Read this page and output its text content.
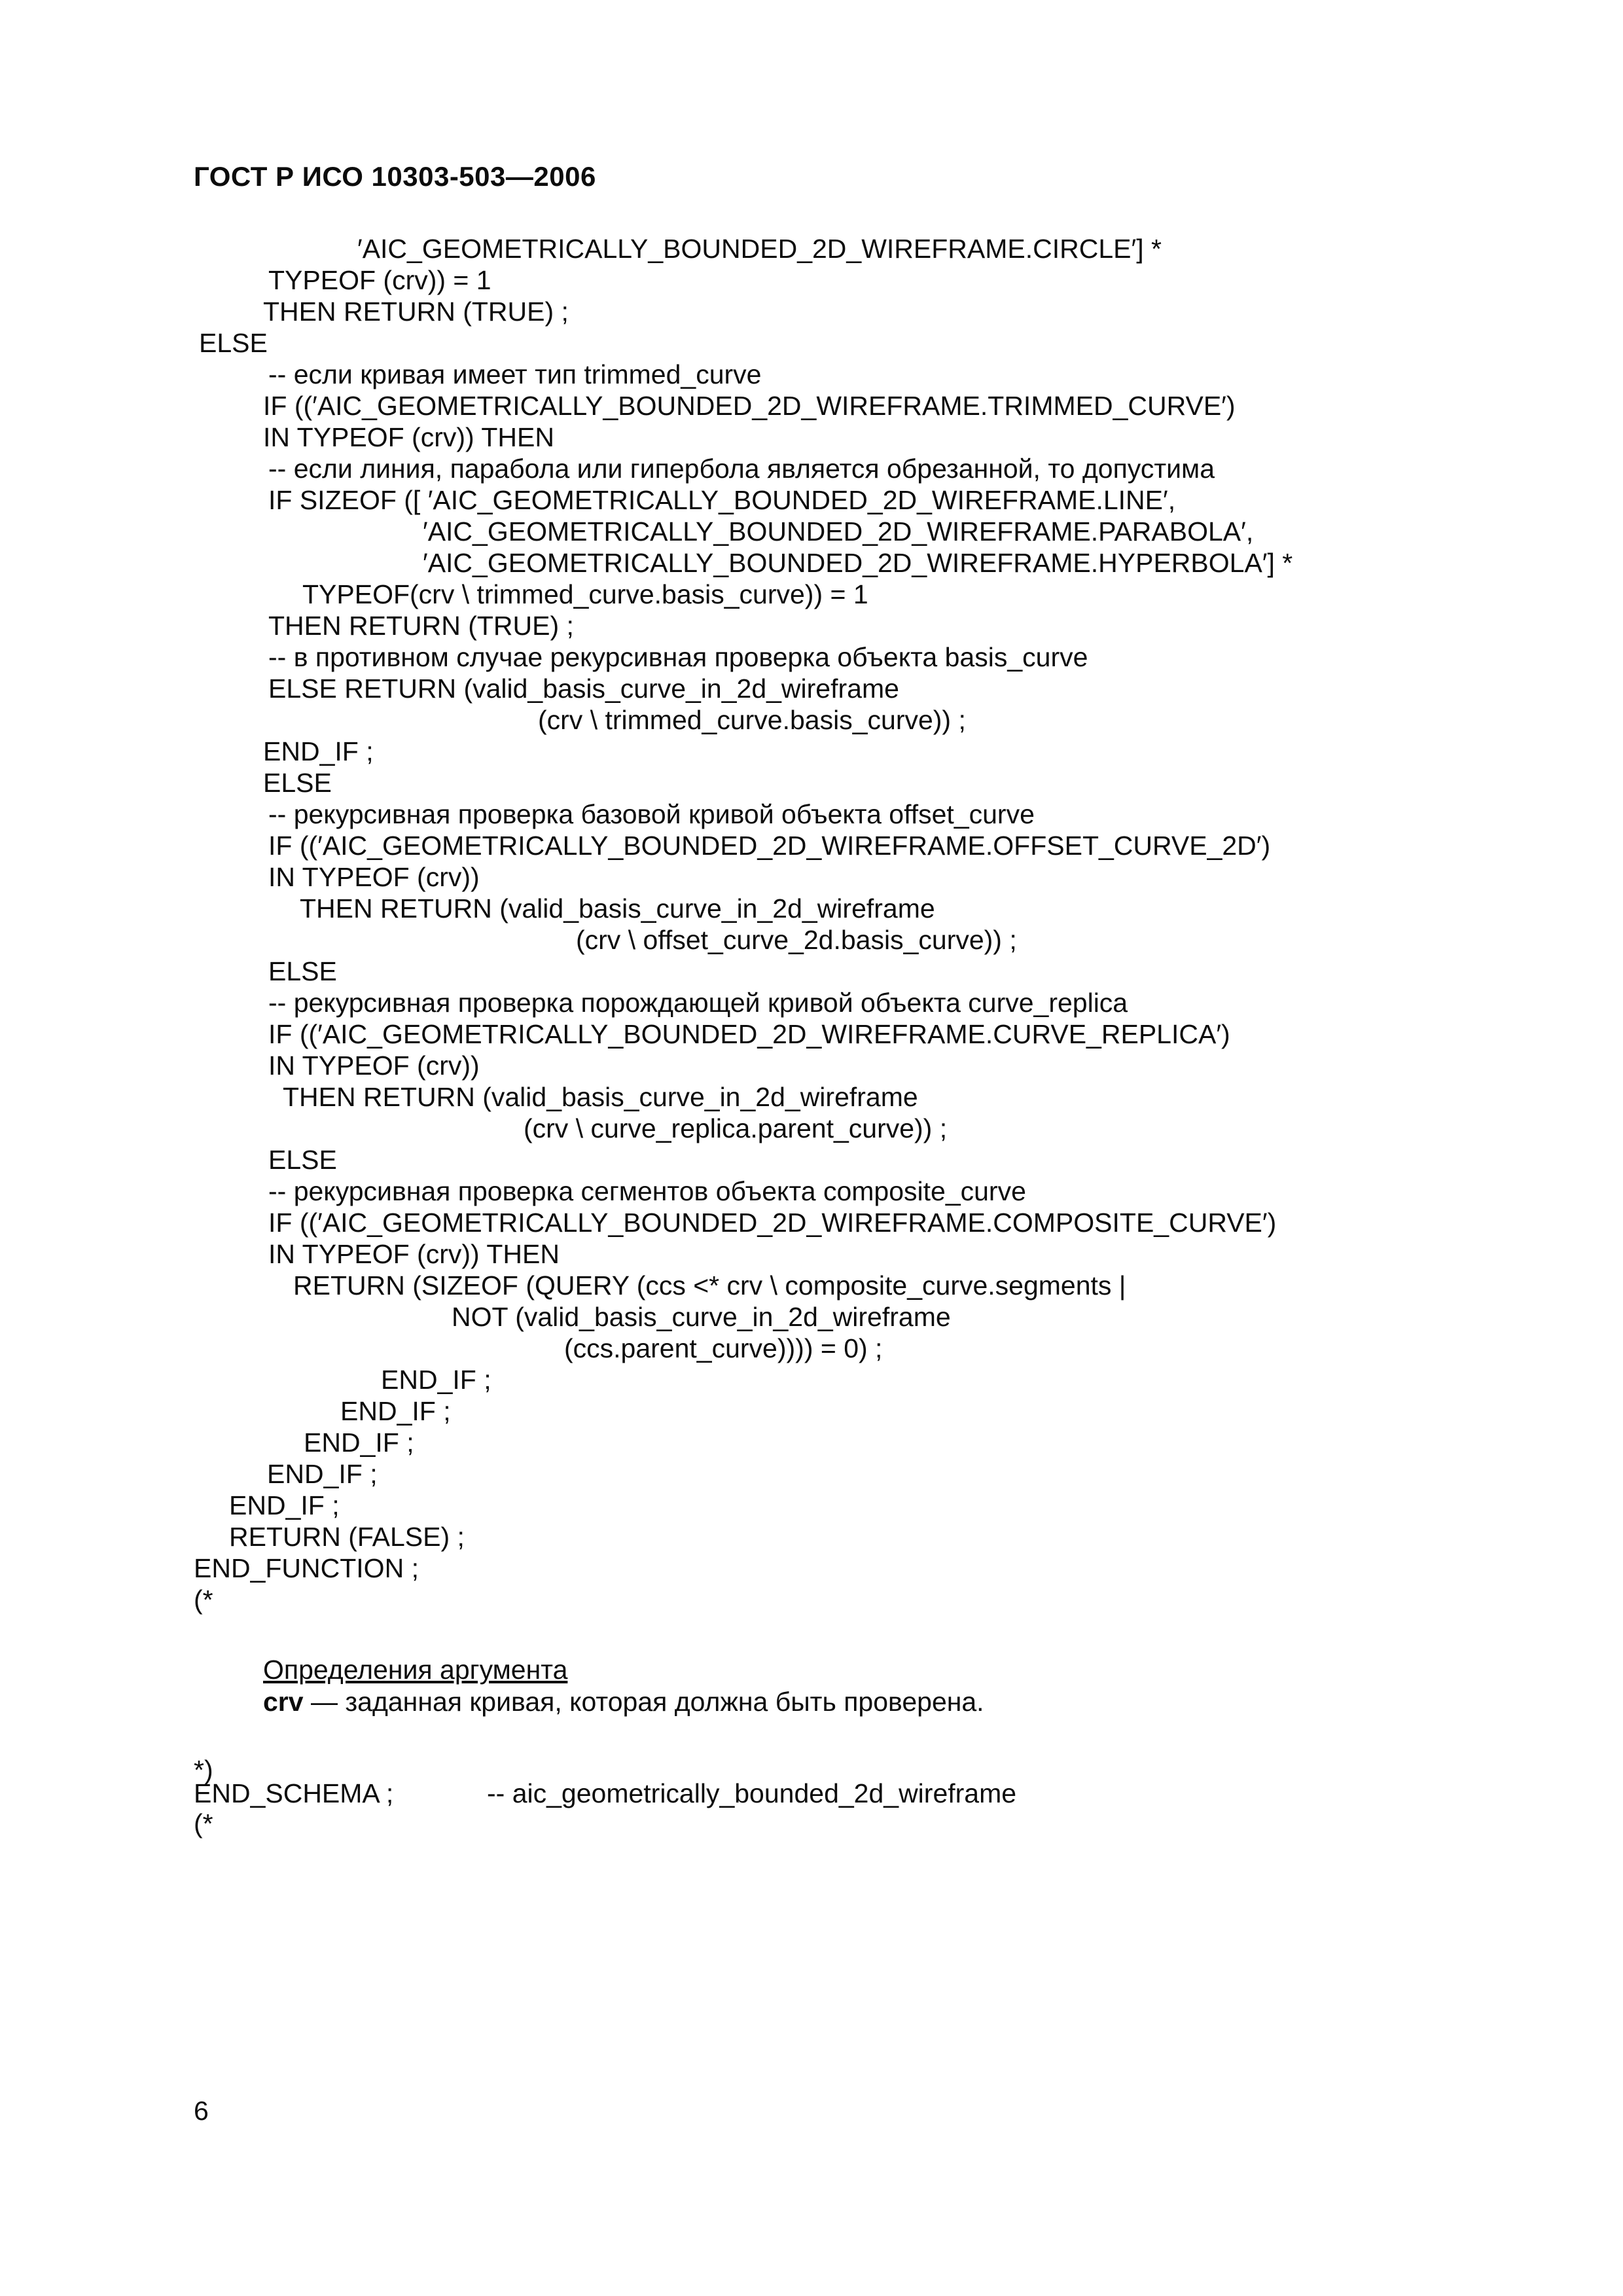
ГОСТ Р ИСО 10303-503—2006

′AIC_GEOMETRICALLY_BOUNDED_2D_WIREFRAME.CIRCLE′] *

TYPEOF (crv)) = 1

THEN RETURN (TRUE) ;

ELSE

-- если кривая имеет тип trimmed_curve

IF ((′AIC_GEOMETRICALLY_BOUNDED_2D_WIREFRAME.TRIMMED_CURVE′)

IN TYPEOF (crv)) THEN

-- если линия, парабола или гипербола является обрезанной, то допустима

IF SIZEOF ([ ′AIC_GEOMETRICALLY_BOUNDED_2D_WIREFRAME.LINE′,

′AIC_GEOMETRICALLY_BOUNDED_2D_WIREFRAME.PARABOLA′,

′AIC_GEOMETRICALLY_BOUNDED_2D_WIREFRAME.HYPERBOLA′] *

TYPEOF(crv \ trimmed_curve.basis_curve)) = 1

THEN RETURN (TRUE) ;

-- в противном случае рекурсивная проверка объекта basis_curve

ELSE RETURN (valid_basis_curve_in_2d_wireframe

(crv \ trimmed_curve.basis_curve)) ;

END_IF ;

ELSE

-- рекурсивная проверка базовой кривой объекта offset_curve

IF ((′AIC_GEOMETRICALLY_BOUNDED_2D_WIREFRAME.OFFSET_CURVE_2D′)

IN TYPEOF (crv))

THEN RETURN (valid_basis_curve_in_2d_wireframe

(crv \ offset_curve_2d.basis_curve)) ;

ELSE

-- рекурсивная проверка порождающей кривой объекта curve_replica

IF ((′AIC_GEOMETRICALLY_BOUNDED_2D_WIREFRAME.CURVE_REPLICA′)

IN TYPEOF (crv))

THEN RETURN (valid_basis_curve_in_2d_wireframe

(crv \ curve_replica.parent_curve)) ;

ELSE

-- рекурсивная проверка сегментов объекта composite_curve

IF ((′AIC_GEOMETRICALLY_BOUNDED_2D_WIREFRAME.COMPOSITE_CURVE′)

IN TYPEOF (crv)) THEN

RETURN (SIZEOF (QUERY (ccs <* crv \ composite_curve.segments |

NOT (valid_basis_curve_in_2d_wireframe

(ccs.parent_curve)))) = 0) ;

END_IF ;

END_IF ;

END_IF ;

END_IF ;

END_IF ;

RETURN (FALSE) ;

END_FUNCTION ;

(*

Определения аргумента

crv — заданная кривая, которая должна быть проверена.

*)

END_SCHEMA ;	-- aic_geometrically_bounded_2d_wireframe

(*

6
